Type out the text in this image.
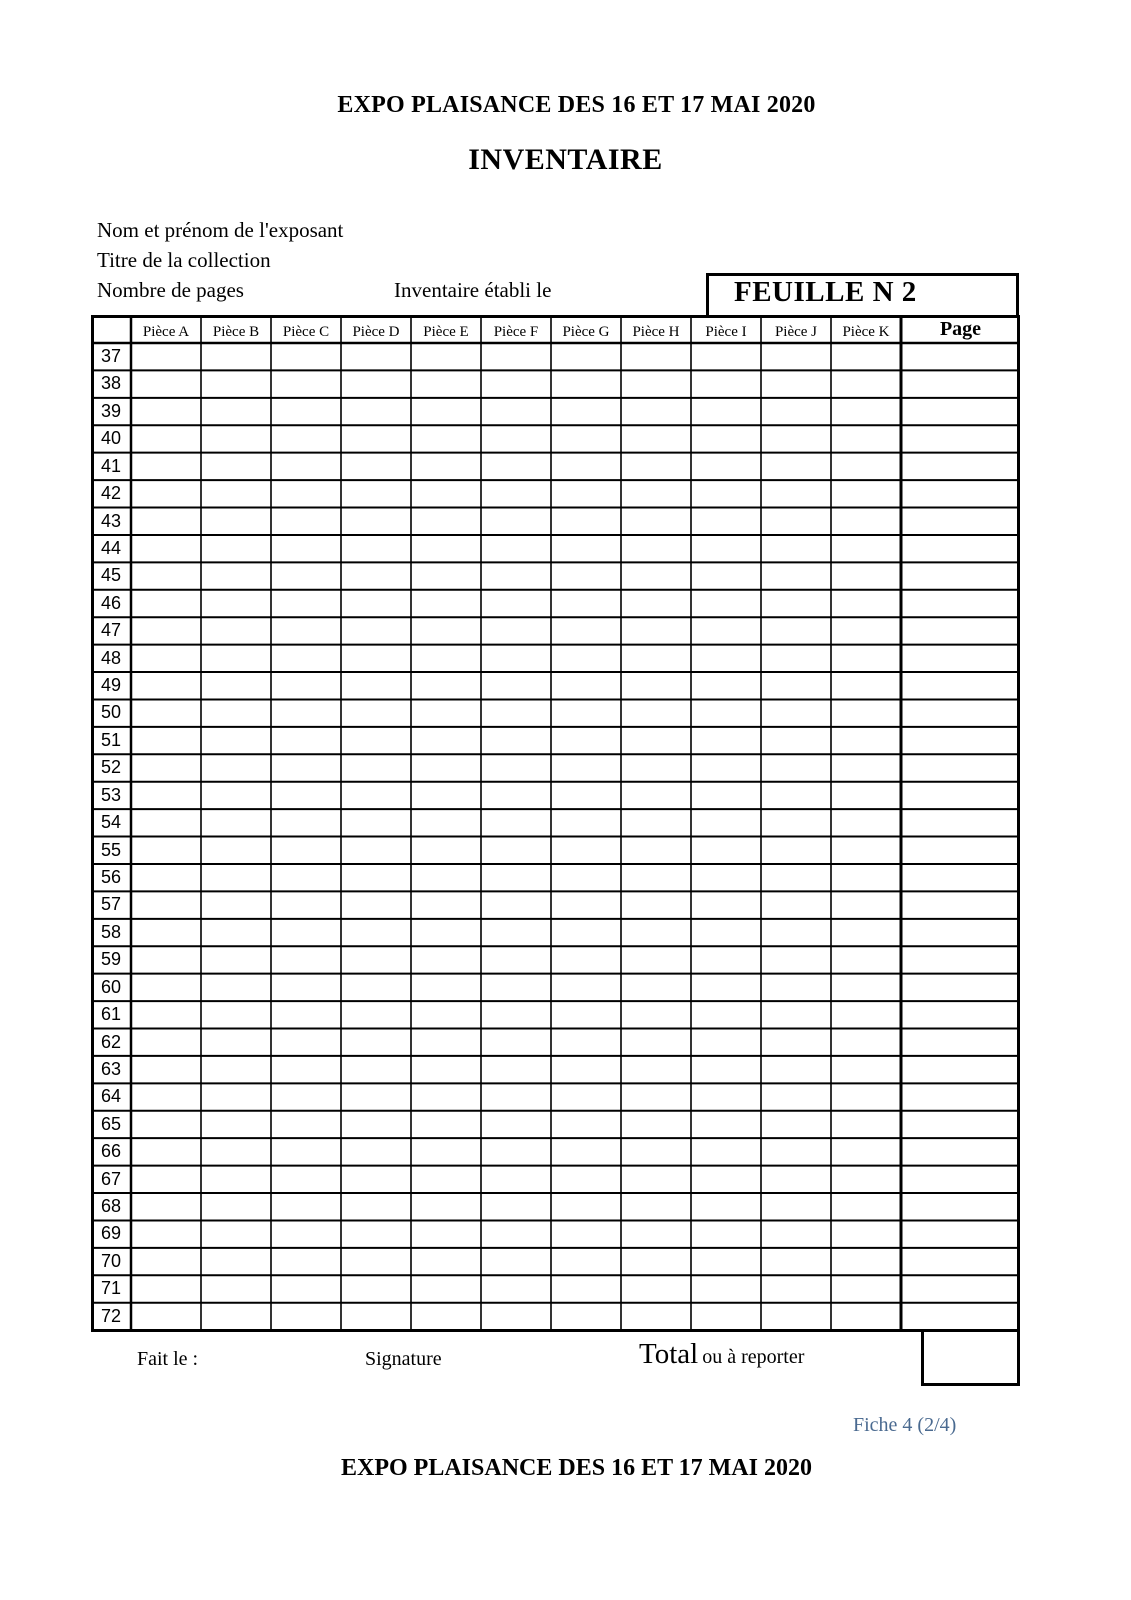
EXPO PLAISANCE DES 16 ET 17 MAI 2020
INVENTAIRE
Nom et prénom de l'exposant
Titre de la collection
Nombre de pages	Inventaire établi le	FEUILLE N 2
Pièce A	Pièce B	Pièce C	Pièce D	Pièce E	Pièce F	Pièce G	Pièce H	Pièce I	Pièce J	Pièce K	Page
37
38
39
40
41
42
43
44
45
46
47
48
49
50
51
52
53
54
55
56
57
58
59
60
61
62
63
64
65
66
67
68
69
70
71
72
Fait le :	Signature	Total ou à reporter
Fiche 4 (2/4)
EXPO PLAISANCE DES 16 ET 17 MAI 2020
